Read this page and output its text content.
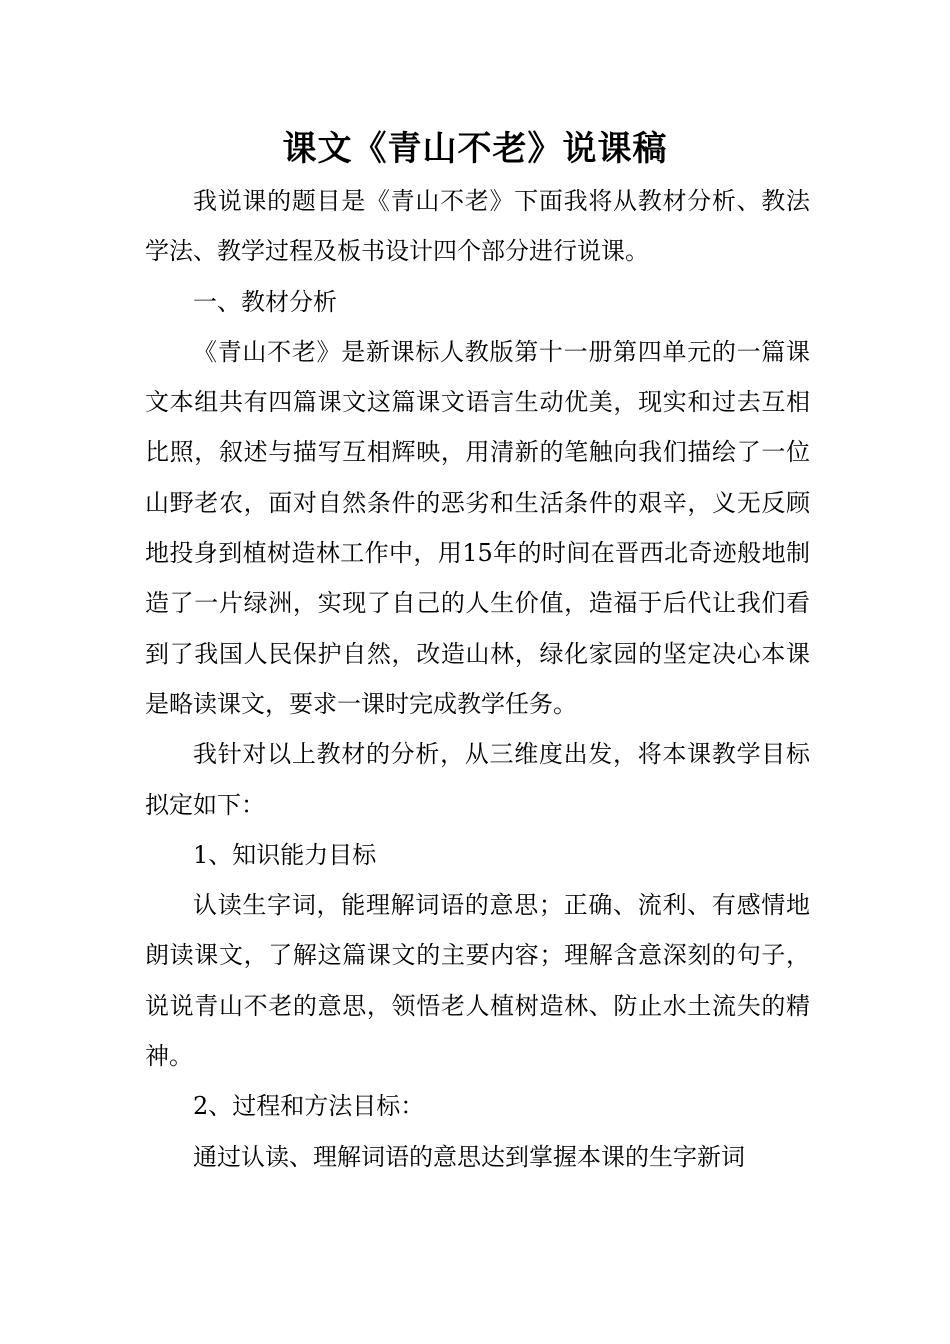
课文《青山不老》说课稿

我说课的题目是《青山不老》下面我将从教材分析、教法学法、教学过程及板书设计四个部分进行说课。

一、教材分析

《青山不老》是新课标人教版第十一册第四单元的一篇课文本组共有四篇课文这篇课文语言生动优美，现实和过去互相比照，叙述与描写互相辉映，用清新的笔触向我们描绘了一位山野老农，面对自然条件的恶劣和生活条件的艰辛，义无反顾地投身到植树造林工作中，用15年的时间在晋西北奇迹般地制造了一片绿洲，实现了自己的人生价值，造福于后代让我们看到了我国人民保护自然，改造山林，绿化家园的坚定决心本课是略读课文，要求一课时完成教学任务。

我针对以上教材的分析，从三维度出发，将本课教学目标拟定如下：

1、知识能力目标

认读生字词，能理解词语的意思；正确、流利、有感情地朗读课文，了解这篇课文的主要内容；理解含意深刻的句子，说说青山不老的意思，领悟老人植树造林、防止水土流失的精神。

2、过程和方法目标：

通过认读、理解词语的意思达到掌握本课的生字新词
